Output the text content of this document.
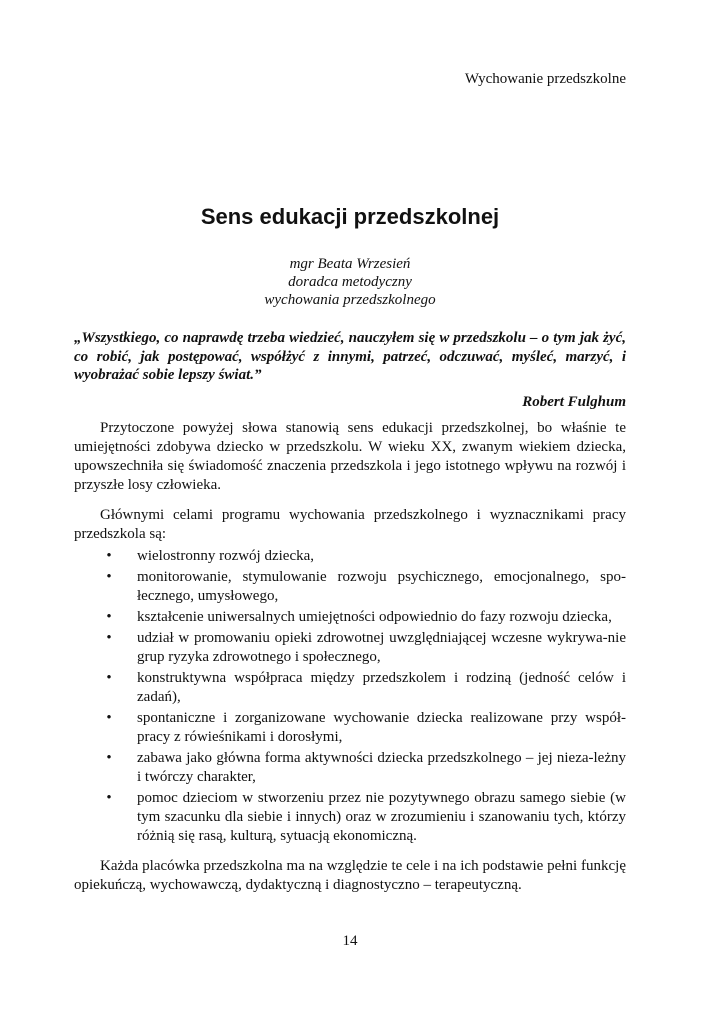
Wychowanie przedszkolne
Sens edukacji przedszkolnej
mgr Beata Wrzesień
doradca metodyczny
wychowania przedszkolnego

„Wszystkiego, co naprawdę trzeba wiedzieć, nauczyłem się w przedszkolu – o tym jak żyć, co robić, jak postępować, współżyć z innymi, patrzeć, odczuwać, myśleć, marzyć, i wyobrażać sobie lepszy świat.”

Robert Fulghum

Przytoczone powyżej słowa stanowią sens edukacji przedszkolnej, bo właśnie te umiejętności zdobywa dziecko w przedszkolu. W wieku XX, zwanym wiekiem dziecka, upowszechniła się świadomość znaczenia przedszkola i jego istotnego wpływu na rozwój i przyszłe losy człowieka.

Głównymi celami programu wychowania przedszkolnego i wyznacznikami pracy przedszkola są:

• wielostronny rozwój dziecka,
• monitorowanie, stymulowanie rozwoju psychicznego, emocjonalnego, spo-łecznego, umysłowego,
• kształcenie uniwersalnych umiejętności odpowiednio do fazy rozwoju dziecka,
• udział w promowaniu opieki zdrowotnej uwzględniającej wczesne wykrywa-nie grup ryzyka zdrowotnego i społecznego,
• konstruktywna współpraca między przedszkolem i rodziną (jedność celów i zadań),
• spontaniczne i zorganizowane wychowanie dziecka realizowane przy współ-pracy z rówieśnikami i dorosłymi,
• zabawa jako główna forma aktywności dziecka przedszkolnego – jej nieza-leżny i twórczy charakter,
• pomoc dzieciom w stworzeniu przez nie pozytywnego obrazu samego siebie (w tym szacunku dla siebie i innych) oraz w zrozumieniu i szanowaniu tych, którzy różnią się rasą, kulturą, sytuacją ekonomiczną.

Każda placówka przedszkolna ma na względzie te cele i na ich podstawie pełni funkcję opiekuńczą, wychowawczą, dydaktyczną i diagnostyczno – terapeutyczną.

14
